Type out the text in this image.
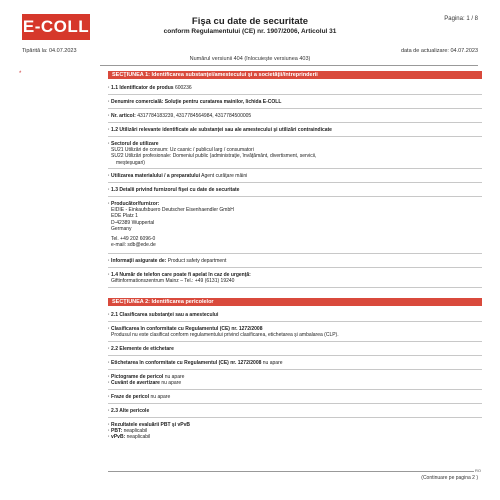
E-COLL	Pagina: 1 / 8
Fişa cu date de securitate
conform Regulamentului (CE) nr. 1907/2006, Articolul 31
Tipărită la: 04.07.2023	data de actualizare: 04.07.2023
Numărul versiunii 404 (înlocuieşte versiunea 403)
*	SECŢIUNEA 1: Identificarea substanţei/amestecului şi a societăţii/întreprinderii
· 1.1 Identificator de produs 600236
· Denumire comercială: Soluţie pentru curatarea mainilor, lichida E-COLL
· Nr. articol: 4317784183239, 4317784564984, 4317784500005
· 1.2 Utilizări relevante identificate ale substanţei sau ale amestecului şi utilizări contraindicate
· Sectorul de utilizare
SU21 Utilizări de consum: Uz casnic / publicul larg / consumatori
SU22 Utilizări profesionale: Domeniul public (administraţie, învăţământ, divertisment, servicii,
meşteşugari)
· Utilizarea materialului / a preparatului Agent curăţare mâini
· 1.3 Detalii privind furnizorul fişei cu date de securitate
· Producător/furnizor:
EIDIE - Einkaufsbuero Deutscher Eisenhaendler GmbH
EDE Platz 1
D-42389 Wuppertal
Germany
Tel. +49 202 6096-0
e-mail: sdb@ede.de
· Informaţii asigurate de: Product safety department
· 1.4 Număr de telefon care poate fi apelat în caz de urgenţă:
Giftinformationszentrum Mainz – Tel.: +49 (6131) 19240
SECŢIUNEA 2: Identificarea pericolelor
· 2.1 Clasificarea substanţei sau a amestecului
· Clasificarea în conformitate cu Regulamentul (CE) nr. 1272/2008
Produsul nu este clasificat conform regulamentului privind clasificarea, etichetarea şi ambalarea (CLP).
· 2.2 Elemente de etichetare
· Etichetarea în conformitate cu Regulamentul (CE) nr. 1272/2008 nu apare
· Pictograme de pericol nu apare
· Cuvânt de avertizare nu apare
· Fraze de pericol nu apare
· 2.3 Alte pericole
· Rezultatele evaluării PBT şi vPvB
· PBT: neaplicabil
· vPvB: neaplicabil
RO
(Continuare pe pagina 2 )
